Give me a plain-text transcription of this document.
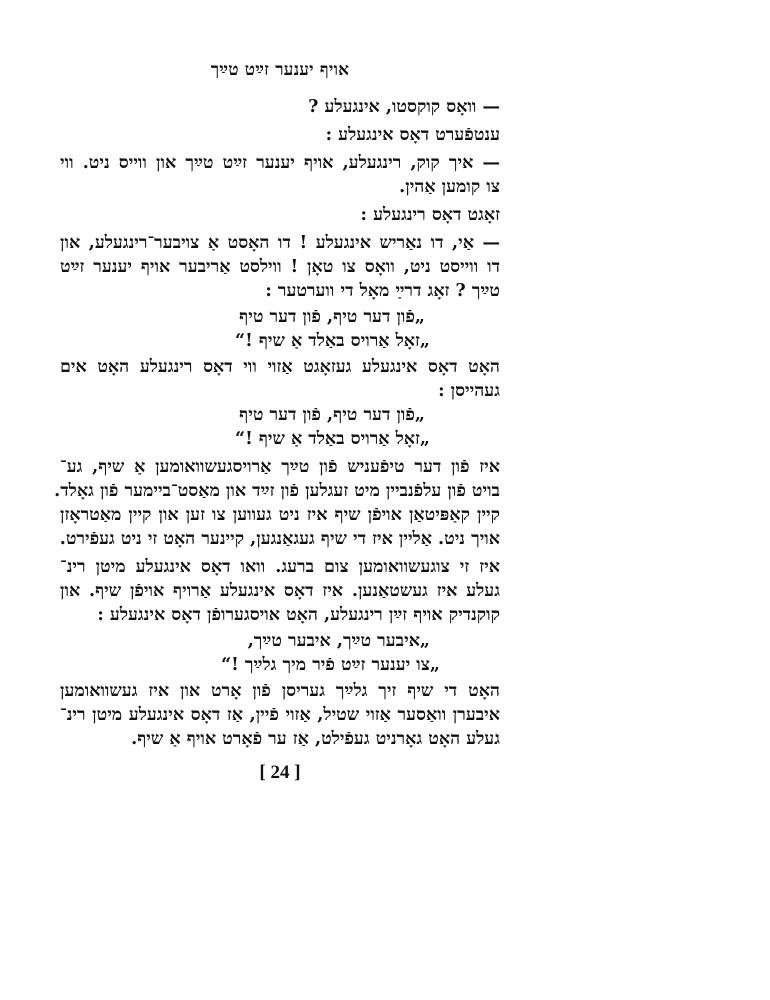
אויף יענער זײַט טײַך
— וואָס קוקסטו, אינגעלע ?
ענטפֿערט דאָס אינגעלע :
— איך קוק, רינגעלע, אויף יענער זײַט טײַך און ווייס ניט. ווי
צו קומען אַהין.
זאָגט דאָס רינגעלע :
— אַי, דו נאַריש אינגעלע ! דו האָסט אַ צויבער־רינגעלע, און
דו ווייסט ניט, וואָס צו טאָן ! ווילסט אַריבער אויף יענער זײַט
טײַך ? זאָג דרײַ מאָל די ווערטער :
„פֿון דער טיף, פֿון דער טיף
„זאָל אַרויס באַלד אַ שיף !“
האָט דאָס אינגעלע געזאָגט אַזוי ווי דאָס רינגעלע האָט אים
געהייסן :
„פֿון דער טיף, פֿון דער טיף
„זאָל אַרויס באַלד אַ שיף !“
איז פֿון דער טיפֿעניש פֿון טײַך אַרויסגעשוואומען אַ שיף, גע־
בויט פֿון עלפֿנביין מיט זעגלען פֿון זײַד און מאַסט־ביימער פֿון גאָלד.
קיין קאַפּיטאַן אויפֿן שיף איז ניט געווען צו זען און קיין מאַטראָזן
אויך ניט. אַליין איז די שיף געגאַנגען, קיינער האָט זי ניט געפֿירט.
איז זי צוגעשוואומען צום ברעג. וואו דאָס אינגעלע מיטן רינ־
געלע איז געשטאַנען. איז דאָס אינגעלע אַרויף אויפֿן שיף. און
קוקנדיק אויף זײַן רינגעלע, האָט אויסגערופֿן דאָס אינגעלע :
„איבער טײַך, איבער טײַך,
„צו יענער זײַט פֿיר מיך גלײַך !“
האָט די שיף זיך גלײַך געריסן פֿון אָרט און איז געשוואומען
איבערן וואַסער אַזוי שטיל, אַזוי פֿיין, אַז דאָס אינגעלע מיטן רינ־
געלע האָט גאָרניט געפֿילט, אַז ער פֿאָרט אויף אַ שיף.
[ 24 ]
